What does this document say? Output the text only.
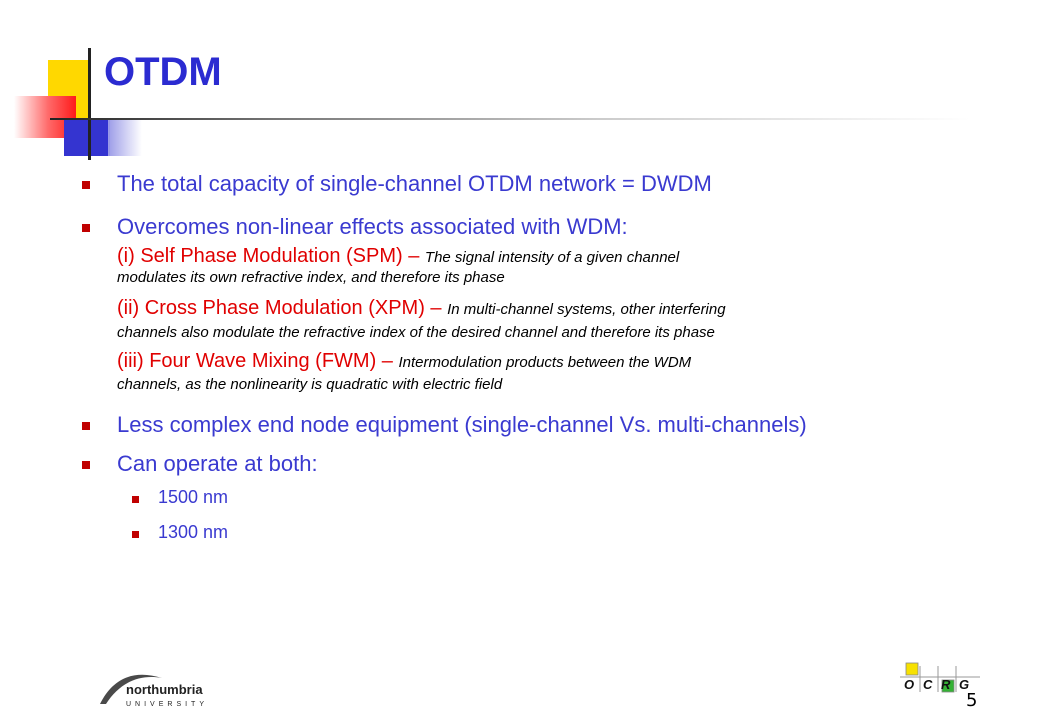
OTDM
The total capacity of single-channel OTDM network = DWDM
Overcomes non-linear effects associated with WDM:
(i) Self Phase Modulation (SPM) – The signal intensity of a given channel
modulates its own refractive index, and therefore its phase
(ii) Cross Phase Modulation (XPM) – In multi-channel systems, other interfering
channels also modulate the refractive index of the desired channel and therefore its phase
(iii) Four Wave Mixing (FWM) – Intermodulation products between the WDM
channels, as the nonlinearity is quadratic with electric field
Less complex end node equipment (single-channel Vs. multi-channels)
Can operate at both:
1500 nm
1300 nm
northumbria
UNIVERSITY
O C R G
5
